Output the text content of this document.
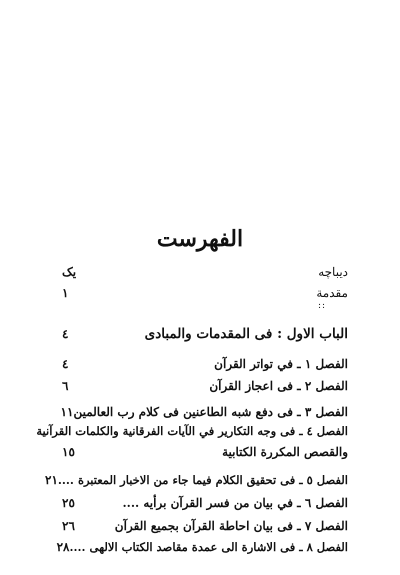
الفهرست
دیباچه
یک
مقدمة
۱
::
الباب الاول : فى المقدمات والمبادى
٤
الفصل ۱ ـ في تواتر القرآن
٤
الفصل ۲ ـ فى اعجاز القرآن
٦
الفصل ۳ ـ فى دفع شبه الطاعنين فى كلام رب العالمين
۱۱
الفصل ٤ ـ فى وجه التكارير في الآيات الفرقانية والكلمات القرآنية
والقصص المكررة الكتابية
۱٥
الفصل ٥ ـ فى تحقيق الكلام فيما جاء من الاخبار المعتبرة ....
۲۱
الفصل ٦ ـ في بيان من فسر القرآن برأيه ....
۲٥
الفصل ۷ ـ فى بيان احاطة القرآن بجميع القرآن
۲٦
الفصل ۸ ـ فى الاشارة الى عمدة مقاصد الكتاب الالهى ....
۲۸
